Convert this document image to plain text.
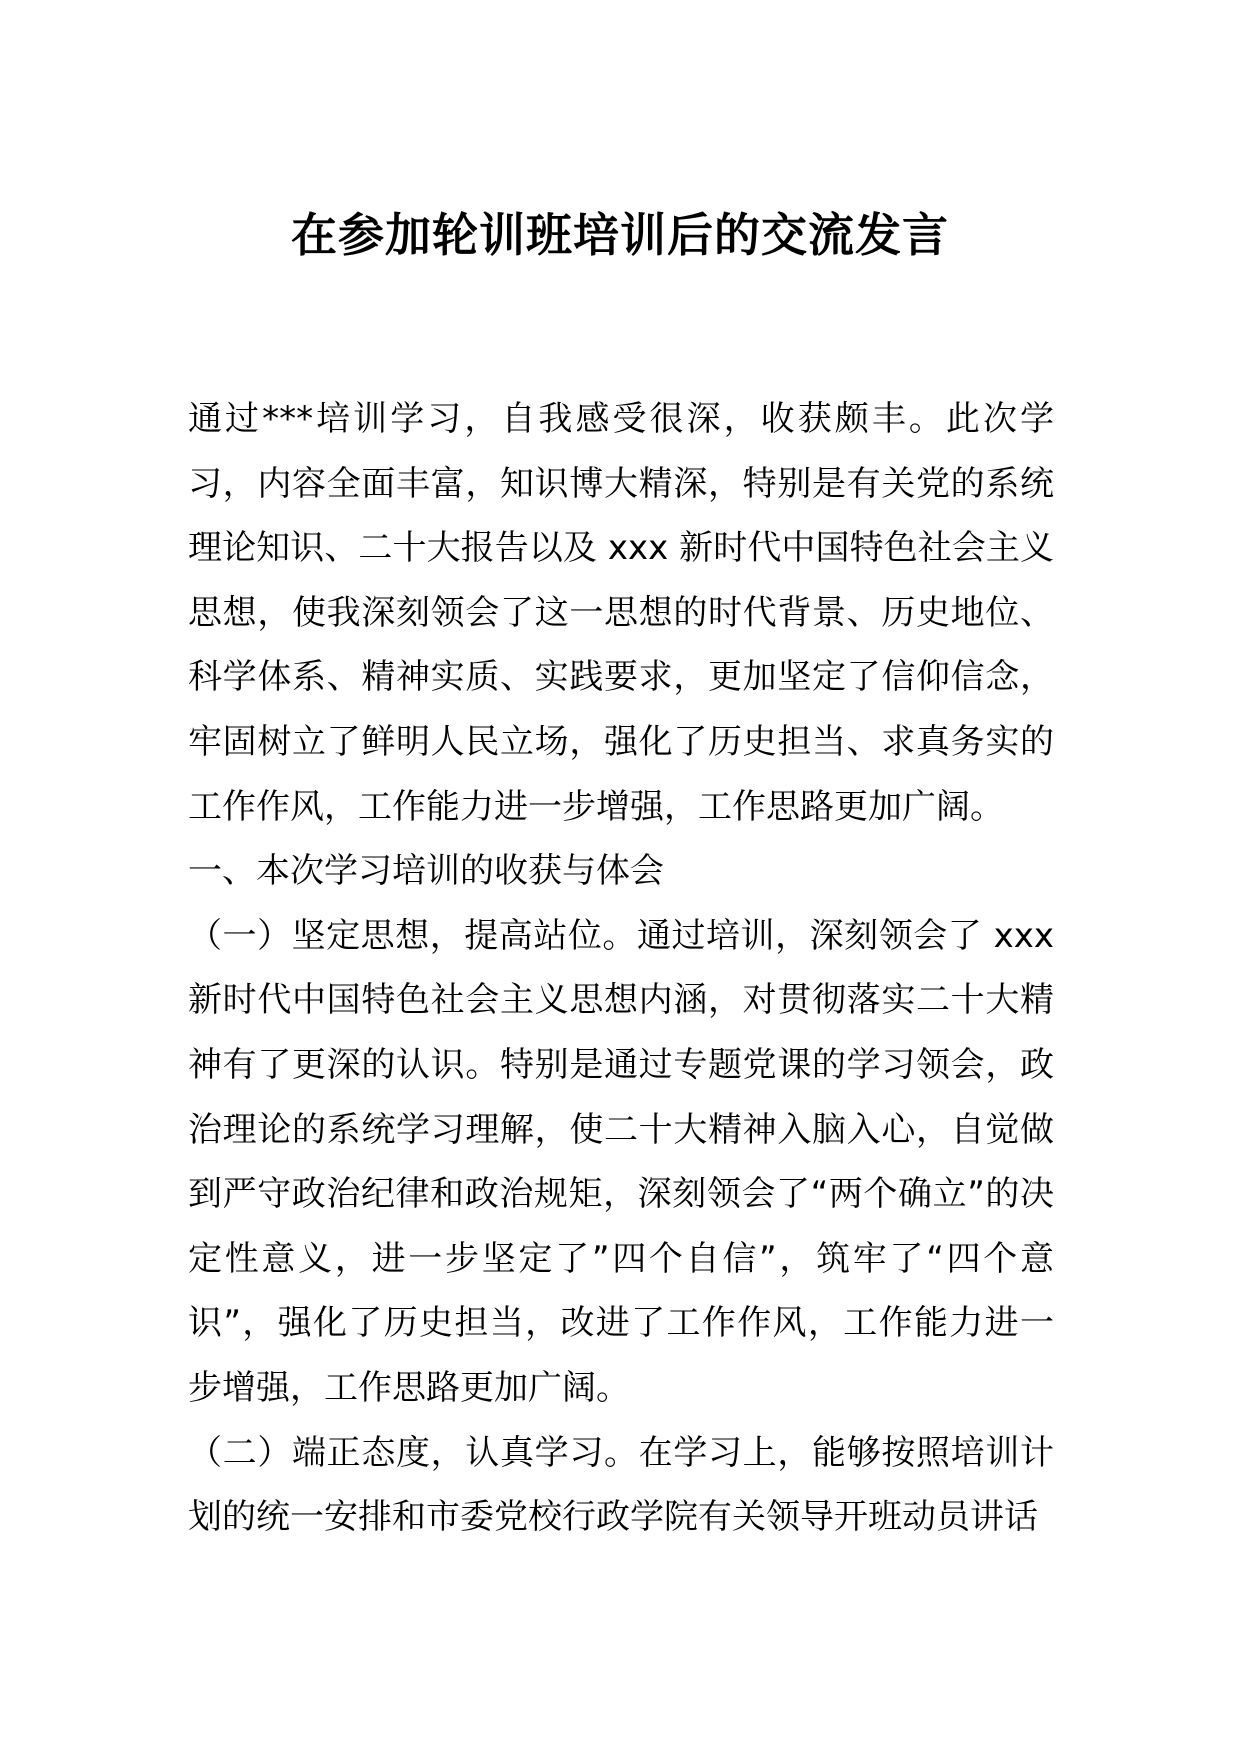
在参加轮训班培训后的交流发言

通过***培训学习，自我感受很深，收获颇丰。此次学习，内容全面丰富，知识博大精深，特别是有关党的系统理论知识、二十大报告以及 xxx 新时代中国特色社会主义思想，使我深刻领会了这一思想的时代背景、历史地位、科学体系、精神实质、实践要求，更加坚定了信仰信念，牢固树立了鲜明人民立场，强化了历史担当、求真务实的工作作风，工作能力进一步增强，工作思路更加广阔。

一、本次学习培训的收获与体会

（一）坚定思想，提高站位。通过培训，深刻领会了 xxx 新时代中国特色社会主义思想内涵，对贯彻落实二十大精神有了更深的认识。特别是通过专题党课的学习领会，政治理论的系统学习理解，使二十大精神入脑入心，自觉做到严守政治纪律和政治规矩，深刻领会了“两个确立”的决定性意义，进一步坚定了”四个自信”，筑牢了“四个意识”，强化了历史担当，改进了工作作风，工作能力进一步增强，工作思路更加广阔。

（二）端正态度，认真学习。在学习上，能够按照培训计划的统一安排和市委党校行政学院有关领导开班动员讲话
